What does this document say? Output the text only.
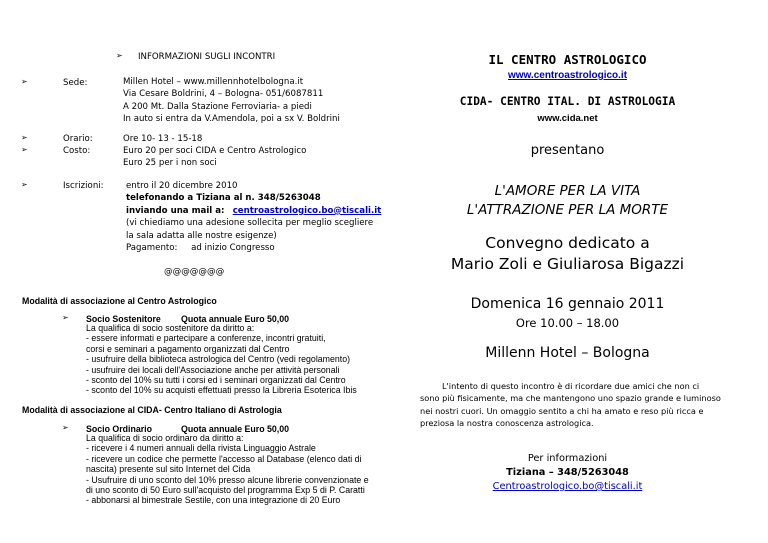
➢ INFORMAZIONI SUGLI INCONTRI
➢	Sede:	Millen Hotel – www.millennhotelbologna.it
Via Cesare Boldrini, 4 – Bologna- 051/6087811
A 200 Mt. Dalla Stazione Ferroviaria- a piedi
In auto si entra da V.Amendola, poi a sx V. Boldrini
➢	Orario:	Ore 10- 13 - 15-18
➢	Costo:	Euro 20 per soci CIDA e Centro Astrologico
Euro 25 per i non soci
➢	Iscrizioni:	entro il 20 dicembre 2010
telefonando a Tiziana al n. 348/5263048
inviando una mail a: centroastrologico.bo@tiscali.it
(vi chiediamo una adesione sollecita per meglio scegliere
la sala adatta alle nostre esigenze)
Pagamento: ad inizio Congresso
@@@@@@@
Modalità di associazione al Centro Astrologico
➢ Socio Sostenitore Quota annuale Euro 50,00
La qualifica di socio sostenitore da diritto a:
- essere informati e partecipare a conferenze, incontri gratuiti,
corsi e seminari a pagamento organizzati dal Centro
- usufruire della biblioteca astrologica del Centro (vedi regolamento)
- usufruire dei locali dell'Associazione anche per attività personali
- sconto del 10% su tutti i corsi ed i seminari organizzati dal Centro
- sconto del 10% su acquisti effettuati presso la Libreria Esoterica Ibis
Modalità di associazione al CIDA- Centro Italiano di Astrologia
➢ Socio Ordinario	Quota annuale Euro 50,00
La qualifica di socio ordinaro da diritto a:
- ricevere i 4 numeri annuali della rivista Linguaggio Astrale
- ricevere un codice che permette l'accesso al Database (elenco dati di
nascita) presente sul sito Internet del Cida
- Usufruire di uno sconto del 10% presso alcune librerie convenzionate e
di uno sconto di 50 Euro sull'acquisto del programma Exp 5 di P. Caratti
- abbonarsi al bimestrale Sestile, con una integrazione di 20 Euro
IL CENTRO ASTROLOGICO
www.centroastrologico.it
CIDA- CENTRO ITAL. DI ASTROLOGIA
www.cida.net
presentano
L'AMORE PER LA VITA
L'ATTRAZIONE PER LA MORTE
Convegno dedicato a
Mario Zoli e Giuliarosa Bigazzi
Domenica 16 gennaio 2011
Ore 10.00 – 18.00
Millenn Hotel – Bologna
L'intento di questo incontro è di ricordare due amici che non ci
sono più fisicamente, ma che mantengono uno spazio grande e luminoso
nei nostri cuori. Un omaggio sentito a chi ha amato e reso più ricca e
preziosa la nostra conoscenza astrologica.
Per informazioni
Tiziana – 348/5263048
Centroastrologico.bo@tiscali.it
